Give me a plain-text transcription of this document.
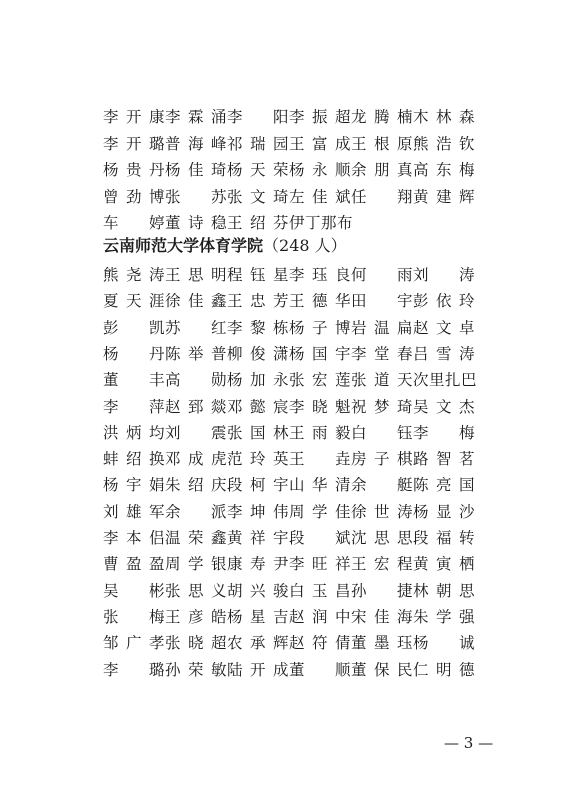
李开康 李霖涌 李　阳 李振超 龙腾楠 木林森
李开璐 普海峰 祁瑞园 王富成 王根原 熊浩钦
杨贵丹 杨佳琦 杨天荣 杨永顺 余朋真 高东梅
曾劲博 张　苏 张文琦 左佳斌 任　翔 黄建辉
车　婷 董诗稳 王绍芬 伊丁那布
云南师范大学体育学院（248 人）
熊尧涛 王思明 程钰星 李珏良 何　雨 刘　涛
夏天涯 徐佳鑫 王忠芳 王德华 田　宇 彭依玲
彭　凯 苏　红 李黎栋 杨子博 岩温扁 赵文卓
杨　丹 陈举普 柳俊潇 杨国宇 李堂春 吕雪涛
董　丰 高　勋 杨加永 张宏莲 张道天 次里扎巴
李　萍 赵郅燚 邓懿宸 李晓魁 祝梦琦 吴文杰
洪炳均 刘　震 张国林 王雨毅 白　钰 李　梅
蚌绍换 邓成虎 范玲英 王　垚 房子棋 路智茗
杨宇娟 朱绍庆 段柯宇 山华清 余　艇 陈亮国
刘雄军 余　派 李坤伟 周学佳 徐世涛 杨显沙
李本侣 温荣鑫 黄祥宇 段　斌 沈思思 段福转
曹盈盈 周学银 康寿尹 李旺祥 王宏程 黄寅栖
吴　彬 张思义 胡兴骏 白玉昌 孙　捷 林朝思
张　梅 王彦皓 杨星吉 赵润中 宋佳海 朱学强
邹广孝 张晓超 农承辉 赵符倩 董墨珏 杨　诚
李　璐 孙荣敏 陆开成 董　顺 董保民 仁明德
— 3 —
